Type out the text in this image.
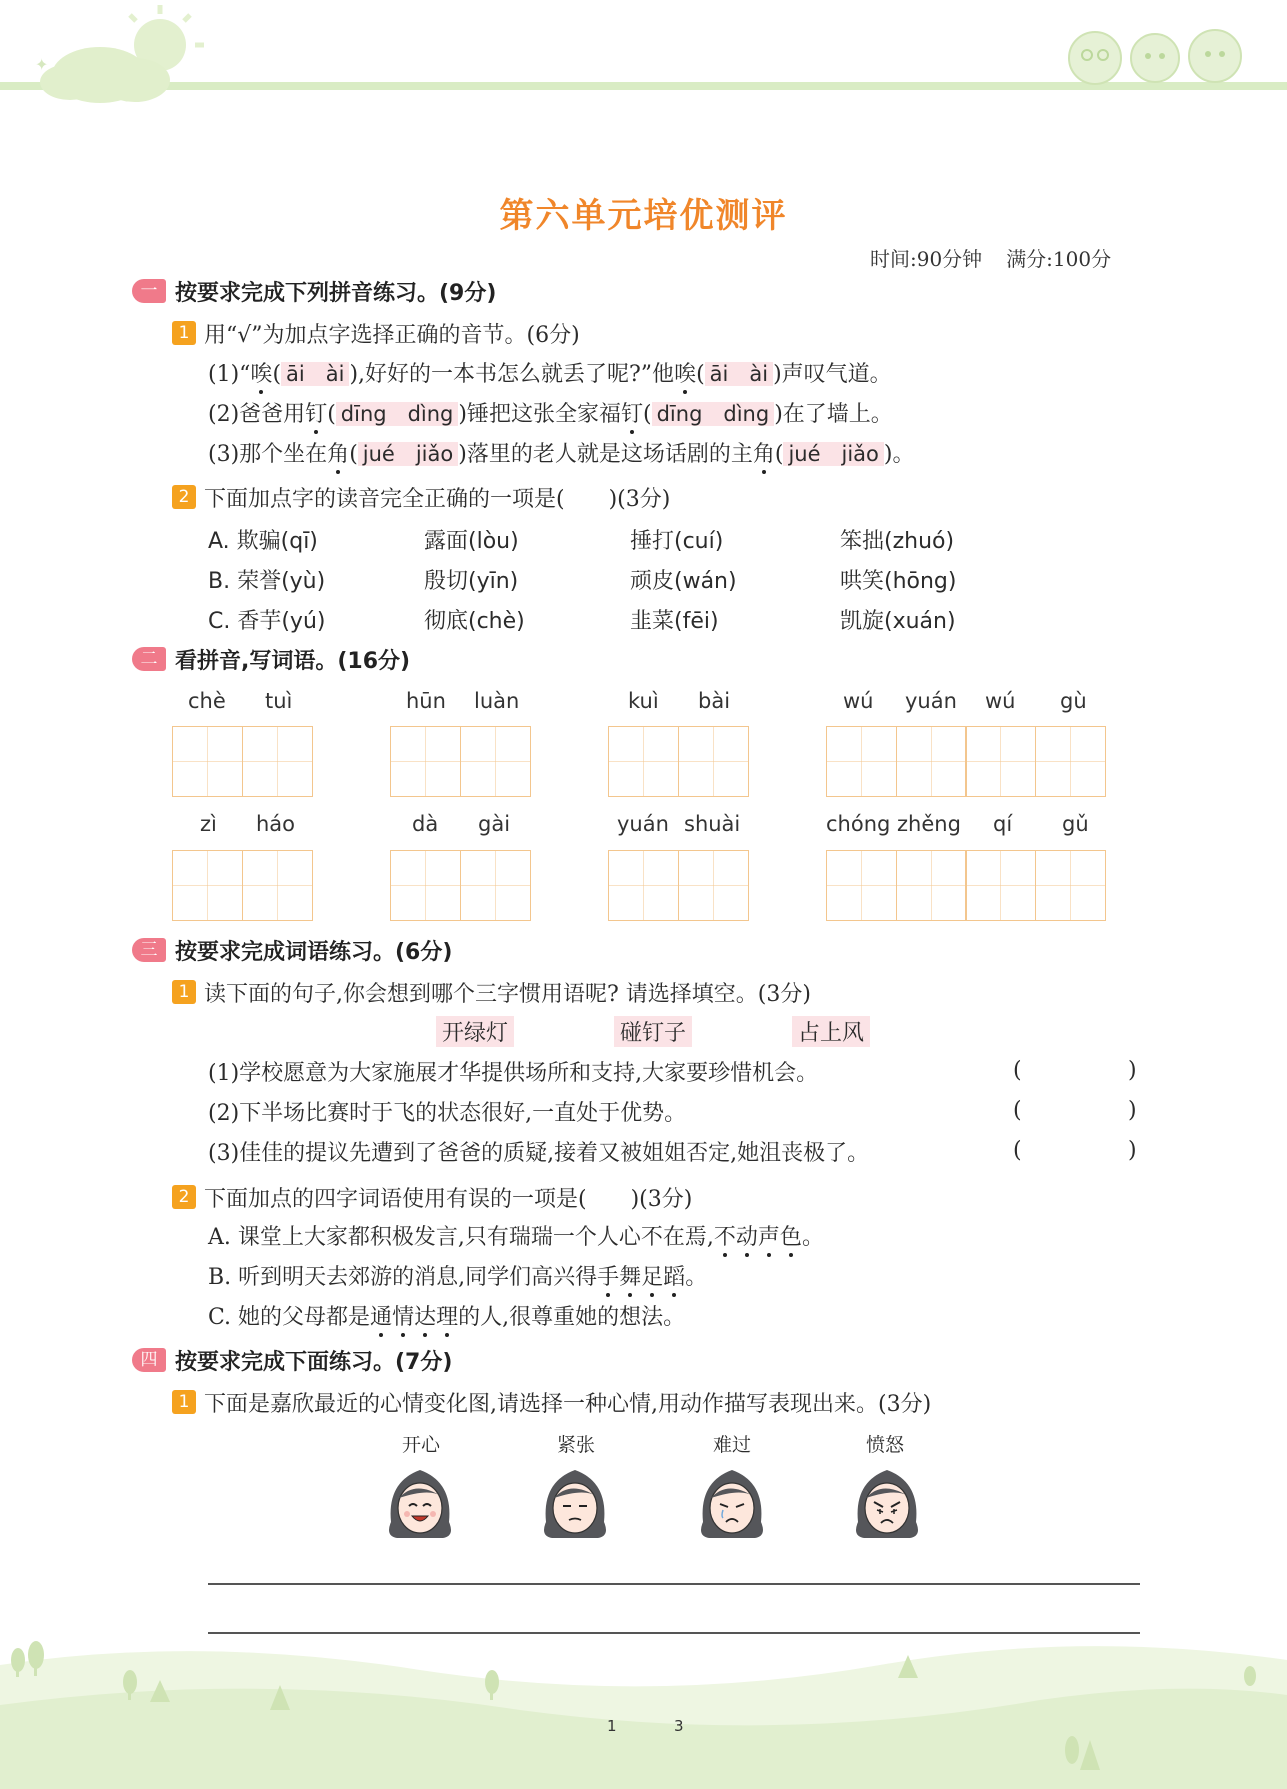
✦
第六单元培优测评
时间:90分钟 满分:100分
一 按要求完成下列拼音练习。(9分)
1 用“√”为加点字选择正确的音节。(6分)
(1)“唉( āi　ài ),好好的一本书怎么就丢了呢?”他唉( āi　ài )声叹气道。
(2)爸爸用钉( dīng　dìng )锤把这张全家福钉( dīng　dìng )在了墙上。
(3)那个坐在角( jué　jiǎo )落里的老人就是这场话剧的主角( jué　jiǎo )。
2 下面加点字的读音完全正确的一项是(　　)(3分)
A. 欺骗(qī)	露面(lòu)	捶打(cuí)	笨拙(zhuó)
B. 荣誉(yù)	殷切(yīn)	顽皮(wán)	哄笑(hōng)
C. 香芋(yú)	彻底(chè)	韭菜(fēi)	凯旋(xuán)
二 看拼音,写词语。(16分)
chè tuì	hūn luàn	kuì bài	wú yuán wú gù
zì háo	dà gài	yuán shuài	chóng zhěng qí gǔ
三 按要求完成词语练习。(6分)
1 读下面的句子,你会想到哪个三字惯用语呢? 请选择填空。(3分)
开绿灯	碰钉子	占上风
(1)学校愿意为大家施展才华提供场所和支持,大家要珍惜机会。	(	)
(2)下半场比赛时于飞的状态很好,一直处于优势。	(	)
(3)佳佳的提议先遭到了爸爸的质疑,接着又被姐姐否定,她沮丧极了。	(	)
2 下面加点的四字词语使用有误的一项是(　　)(3分)
A. 课堂上大家都积极发言,只有瑞瑞一个人心不在焉,不动声色。
B. 听到明天去郊游的消息,同学们高兴得手舞足蹈。
C. 她的父母都是通情达理的人,很尊重她的想法。
四 按要求完成下面练习。(7分)
1 下面是嘉欣最近的心情变化图,请选择一种心情,用动作描写表现出来。(3分)
开心	紧张	难过	愤怒
1	3
